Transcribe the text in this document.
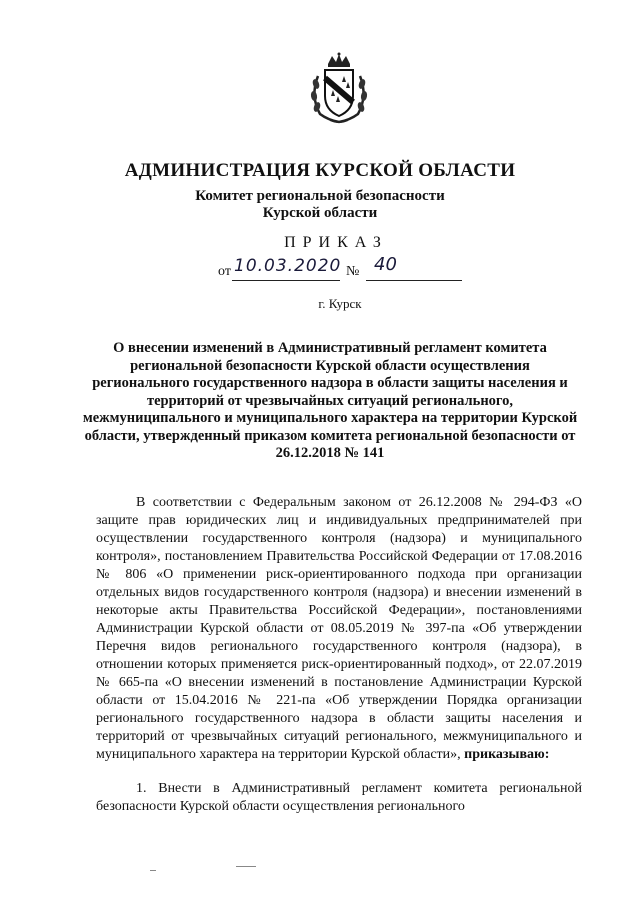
АДМИНИСТРАЦИЯ КУРСКОЙ ОБЛАСТИ
Комитет региональной безопасности
Курской области
ПРИКАЗ
от 10.03.2020 № 40
г. Курск
О внесении изменений в Административный регламент комитета региональной безопасности Курской области осуществления регионального государственного надзора в области защиты населения и территорий от чрезвычайных ситуаций регионального, межмуниципального и муниципального характера на территории Курской области, утвержденный приказом комитета региональной безопасности от 26.12.2018 № 141

В соответствии с Федеральным законом от 26.12.2008 № 294-ФЗ «О защите прав юридических лиц и индивидуальных предпринимателей при осуществлении государственного контроля (надзора) и муниципального контроля», постановлением Правительства Российской Федерации от 17.08.2016 № 806 «О применении риск-ориентированного подхода при организации отдельных видов государственного контроля (надзора) и внесении изменений в некоторые акты Правительства Российской Федерации», постановлениями Администрации Курской области от 08.05.2019 № 397-па «Об утверждении Перечня видов регионального государственного контроля (надзора), в отношении которых применяется риск-ориентированный подход», от 22.07.2019 № 665-па «О внесении изменений в постановление Администрации Курской области от 15.04.2016 № 221-па «Об утверждении Порядка организации регионального государственного надзора в области защиты населения и территорий от чрезвычайных ситуаций регионального, межмуниципального и муниципального характера на территории Курской области», приказываю:

1. Внести в Административный регламент комитета региональной безопасности Курской области осуществления регионального
